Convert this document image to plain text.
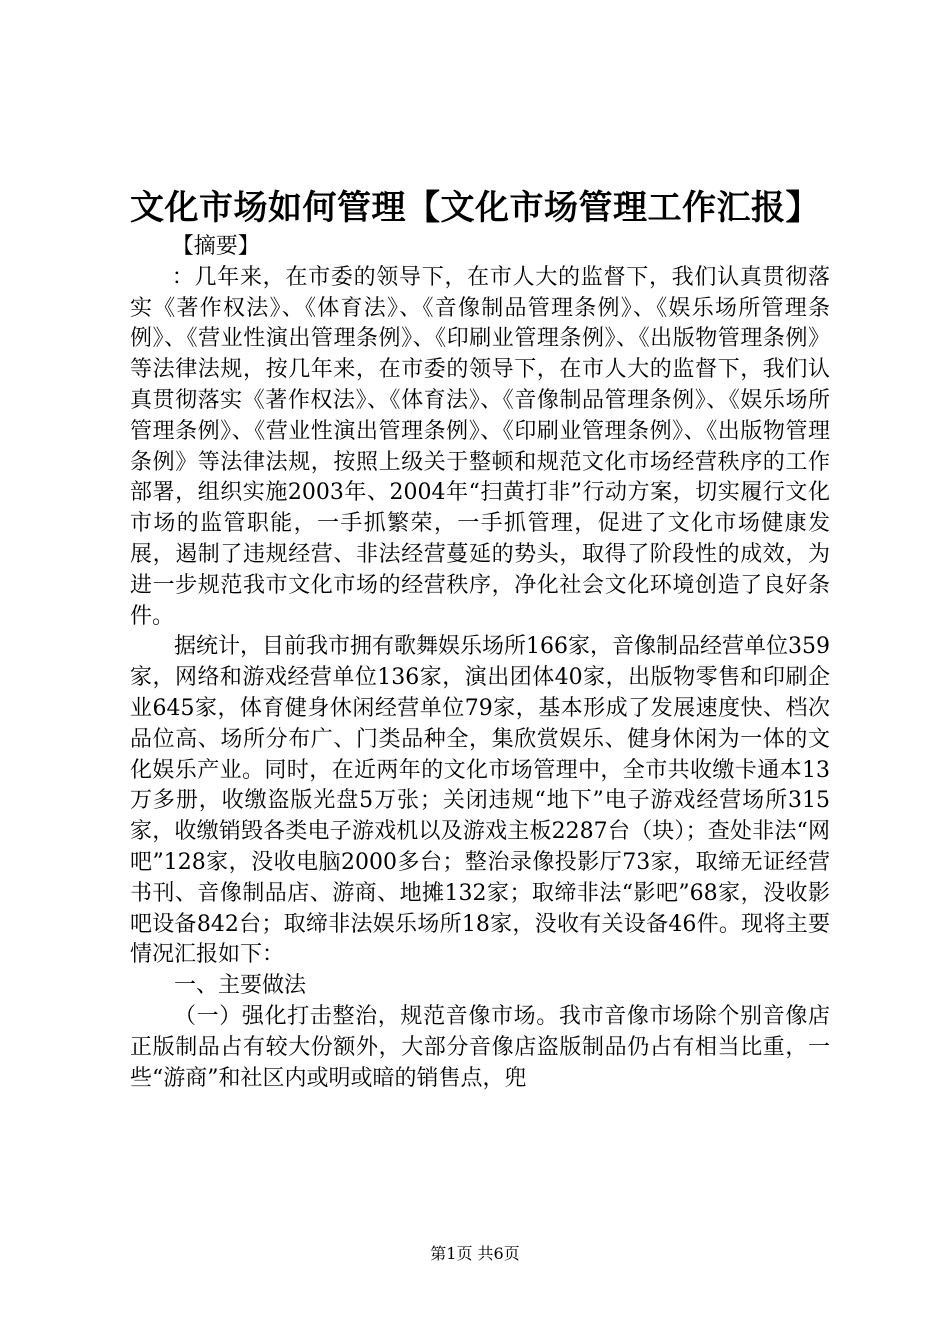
文化市场如何管理【文化市场管理工作汇报】

【摘要】

：几年来，在市委的领导下，在市人大的监督下，我们认真贯彻落实《著作权法》、《体育法》、《音像制品管理条例》、《娱乐场所管理条例》、《营业性演出管理条例》、《印刷业管理条例》、《出版物管理条例》等法律法规，按几年来，在市委的领导下，在市人大的监督下，我们认真贯彻落实《著作权法》、《体育法》、《音像制品管理条例》、《娱乐场所管理条例》、《营业性演出管理条例》、《印刷业管理条例》、《出版物管理条例》等法律法规，按照上级关于整顿和规范文化市场经营秩序的工作部署，组织实施2003年、2004年“扫黄打非”行动方案，切实履行文化市场的监管职能，一手抓繁荣，一手抓管理，促进了文化市场健康发展，遏制了违规经营、非法经营蔓延的势头，取得了阶段性的成效，为进一步规范我市文化市场的经营秩序，净化社会文化环境创造了良好条件。

据统计，目前我市拥有歌舞娱乐场所166家，音像制品经营单位359家，网络和游戏经营单位136家，演出团体40家，出版物零售和印刷企业645家，体育健身休闲经营单位79家，基本形成了发展速度快、档次品位高、场所分布广、门类品种全，集欣赏娱乐、健身休闲为一体的文化娱乐产业。同时，在近两年的文化市场管理中，全市共收缴卡通本13万多册，收缴盗版光盘5万张；关闭违规“地下”电子游戏经营场所315家，收缴销毁各类电子游戏机以及游戏主板2287台（块）；查处非法“网吧”128家，没收电脑2000多台；整治录像投影厅73家，取缔无证经营书刊、音像制品店、游商、地摊132家；取缔非法“影吧”68家，没收影吧设备842台；取缔非法娱乐场所18家，没收有关设备46件。现将主要情况汇报如下：

一、主要做法

（一）强化打击整治，规范音像市场。我市音像市场除个别音像店正版制品占有较大份额外，大部分音像店盗版制品仍占有相当比重，一些“游商”和社区内或明或暗的销售点，兜

第1页 共6页
